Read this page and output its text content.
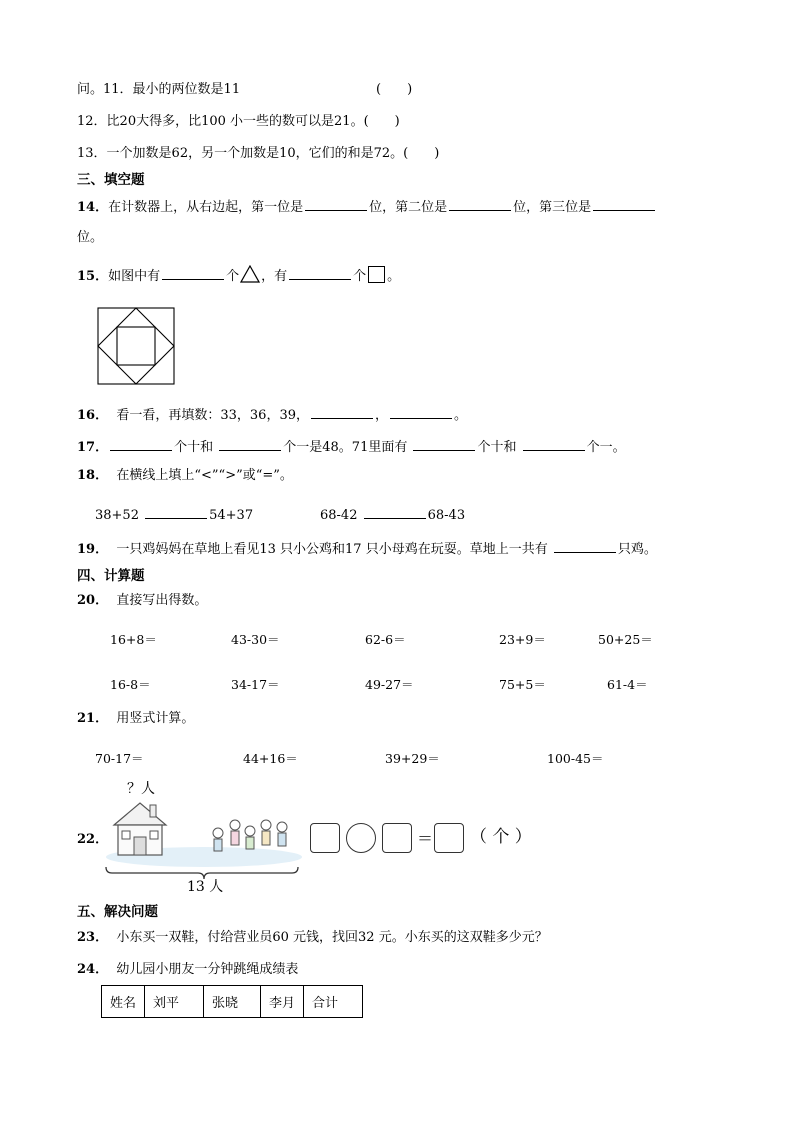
问。11．最小的两位数是11	(　　)
12．比20大得多，比100 小一些的数可以是21。(　　)
13．一个加数是62，另一个加数是10，它们的和是72。(　　)
三、填空题
14．在计数器上，从右边起，第一位是	位，第二位是	位，第三位是
位。
15．如图中有	个 ，有	个 。
16． 看一看，再填数：33，36，39，	，	。
17．	个十和	个一是48。71里面有	个十和	个一。
18． 在横线上填上“<”“>”或“=”。
38+52	54+37	68-42	68-43
19． 一只鸡妈妈在草地上看见13 只小公鸡和17 只小母鸡在玩耍。草地上一共有	只鸡。
四、计算题
20． 直接写出得数。
16+8＝	43-30＝	62-6＝	23+9＝	50+25＝
16-8＝	34-17＝	49-27＝	75+5＝	61-4＝
21． 用竖式计算。
70-17＝	44+16＝	39+29＝	100-45＝
22．
？人
13 人
＝ （ 个 ）
五、解决问题
23． 小东买一双鞋，付给营业员60 元钱，找回32 元。小东买的这双鞋多少元？
24． 幼儿园小朋友一分钟跳绳成绩表
姓名	刘平	张晓	李月	合计
